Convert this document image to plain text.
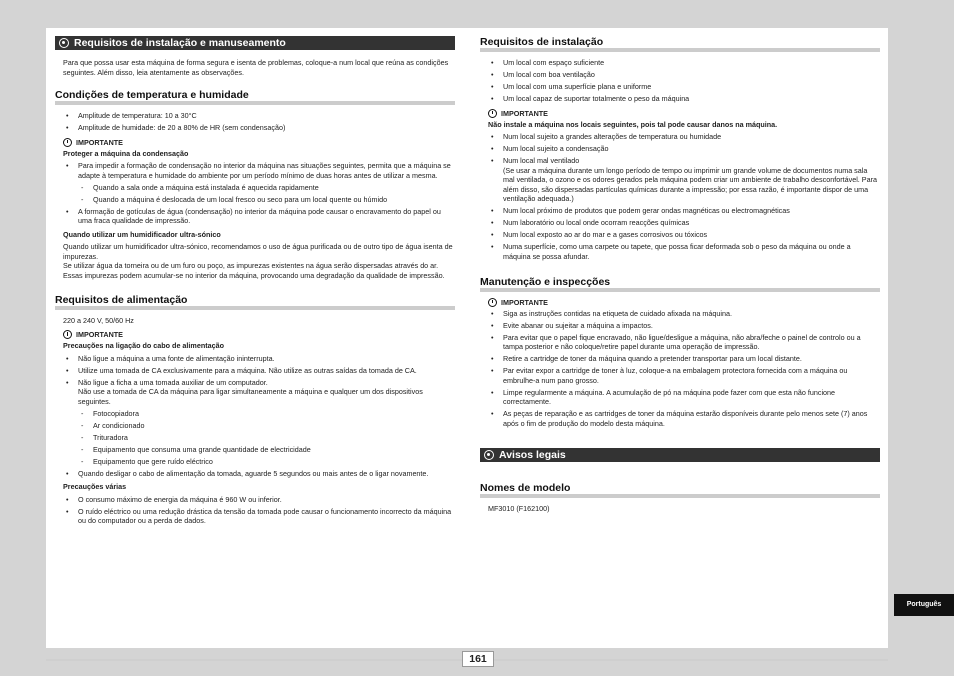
Requisitos de instalação e manuseamento

Para que possa usar esta máquina de forma segura e isenta de problemas, coloque-a num local que reúna as condições seguintes. Além disso, leia atentamente as observações.

Condições de temperatura e humidade
• Amplitude de temperatura: 10 a 30°C
• Amplitude de humidade: de 20 a 80% de HR (sem condensação)
IMPORTANTE
Proteger a máquina da condensação
• Para impedir a formação de condensação no interior da máquina nas situações seguintes, permita que a máquina se adapte à temperatura e humidade do ambiente por um período mínimo de duas horas antes de utilizar a mesma.
- Quando a sala onde a máquina está instalada é aquecida rapidamente
- Quando a máquina é deslocada de um local fresco ou seco para um local quente ou húmido
• A formação de gotículas de água (condensação) no interior da máquina pode causar o encravamento do papel ou uma fraca qualidade de impressão.
Quando utilizar um humidificador ultra-sónico

Quando utilizar um humidificador ultra-sónico, recomendamos o uso de água purificada ou de outro tipo de água isenta de impurezas.

Se utilizar água da torneira ou de um furo ou poço, as impurezas existentes na água serão dispersadas através do ar. Essas impurezas podem acumular-se no interior da máquina, provocando uma degradação da qualidade de impressão.

Requisitos de alimentação

220 a 240 V, 50/60 Hz

IMPORTANTE
Precauções na ligação do cabo de alimentação
• Não ligue a máquina a uma fonte de alimentação ininterrupta.
• Utilize uma tomada de CA exclusivamente para a máquina. Não utilize as outras saídas da tomada de CA.
• Não ligue a ficha a uma tomada auxiliar de um computador.
Não use a tomada de CA da máquina para ligar simultaneamente a máquina e qualquer um dos dispositivos seguintes.
- Fotocopiadora
- Ar condicionado
- Trituradora
- Equipamento que consuma uma grande quantidade de electricidade
- Equipamento que gere ruído eléctrico
• Quando desligar o cabo de alimentação da tomada, aguarde 5 segundos ou mais antes de o ligar novamente.
Precauções várias
• O consumo máximo de energia da máquina é 960 W ou inferior.
• O ruído eléctrico ou uma redução drástica da tensão da tomada pode causar o funcionamento incorrecto da máquina ou do computador ou a perda de dados.
Requisitos de instalação
• Um local com espaço suficiente
• Um local com boa ventilação
• Um local com uma superfície plana e uniforme
• Um local capaz de suportar totalmente o peso da máquina
IMPORTANTE
Não instale a máquina nos locais seguintes, pois tal pode causar danos na máquina.
• Num local sujeito a grandes alterações de temperatura ou humidade
• Num local sujeito a condensação
• Num local mal ventilado
(Se usar a máquina durante um longo período de tempo ou imprimir um grande volume de documentos numa sala mal ventilada, o ozono e os odores gerados pela máquina podem criar um ambiente de trabalho desconfortável. Para além disso, são dispersadas partículas químicas durante a impressão; por essa razão, é importante dispor de uma ventilação adequada.)
• Num local próximo de produtos que podem gerar ondas magnéticas ou electromagnéticas
• Num laboratório ou local onde ocorram reacções químicas
• Num local exposto ao ar do mar e a gases corrosivos ou tóxicos
• Numa superfície, como uma carpete ou tapete, que possa ficar deformada sob o peso da máquina ou onde a máquina se possa afundar.
Manutenção e inspecções
IMPORTANTE
• Siga as instruções contidas na etiqueta de cuidado afixada na máquina.
• Evite abanar ou sujeitar a máquina a impactos.
• Para evitar que o papel fique encravado, não ligue/desligue a máquina, não abra/feche o painel de controlo ou a tampa posterior e não coloque/retire papel durante uma operação de impressão.
• Retire a cartridge de toner da máquina quando a pretender transportar para um local distante.
• Par evitar expor a cartridge de toner à luz, coloque-a na embalagem protectora fornecida com a máquina ou embrulhe-a num pano grosso.
• Limpe regularmente a máquina. A acumulação de pó na máquina pode fazer com que esta não funcione correctamente.
• As peças de reparação e as cartridges de toner da máquina estarão disponíveis durante pelo menos sete (7) anos após o fim de produção do modelo desta máquina.
Avisos legais
Nomes de modelo

MF3010 (F162100)

Português
161
